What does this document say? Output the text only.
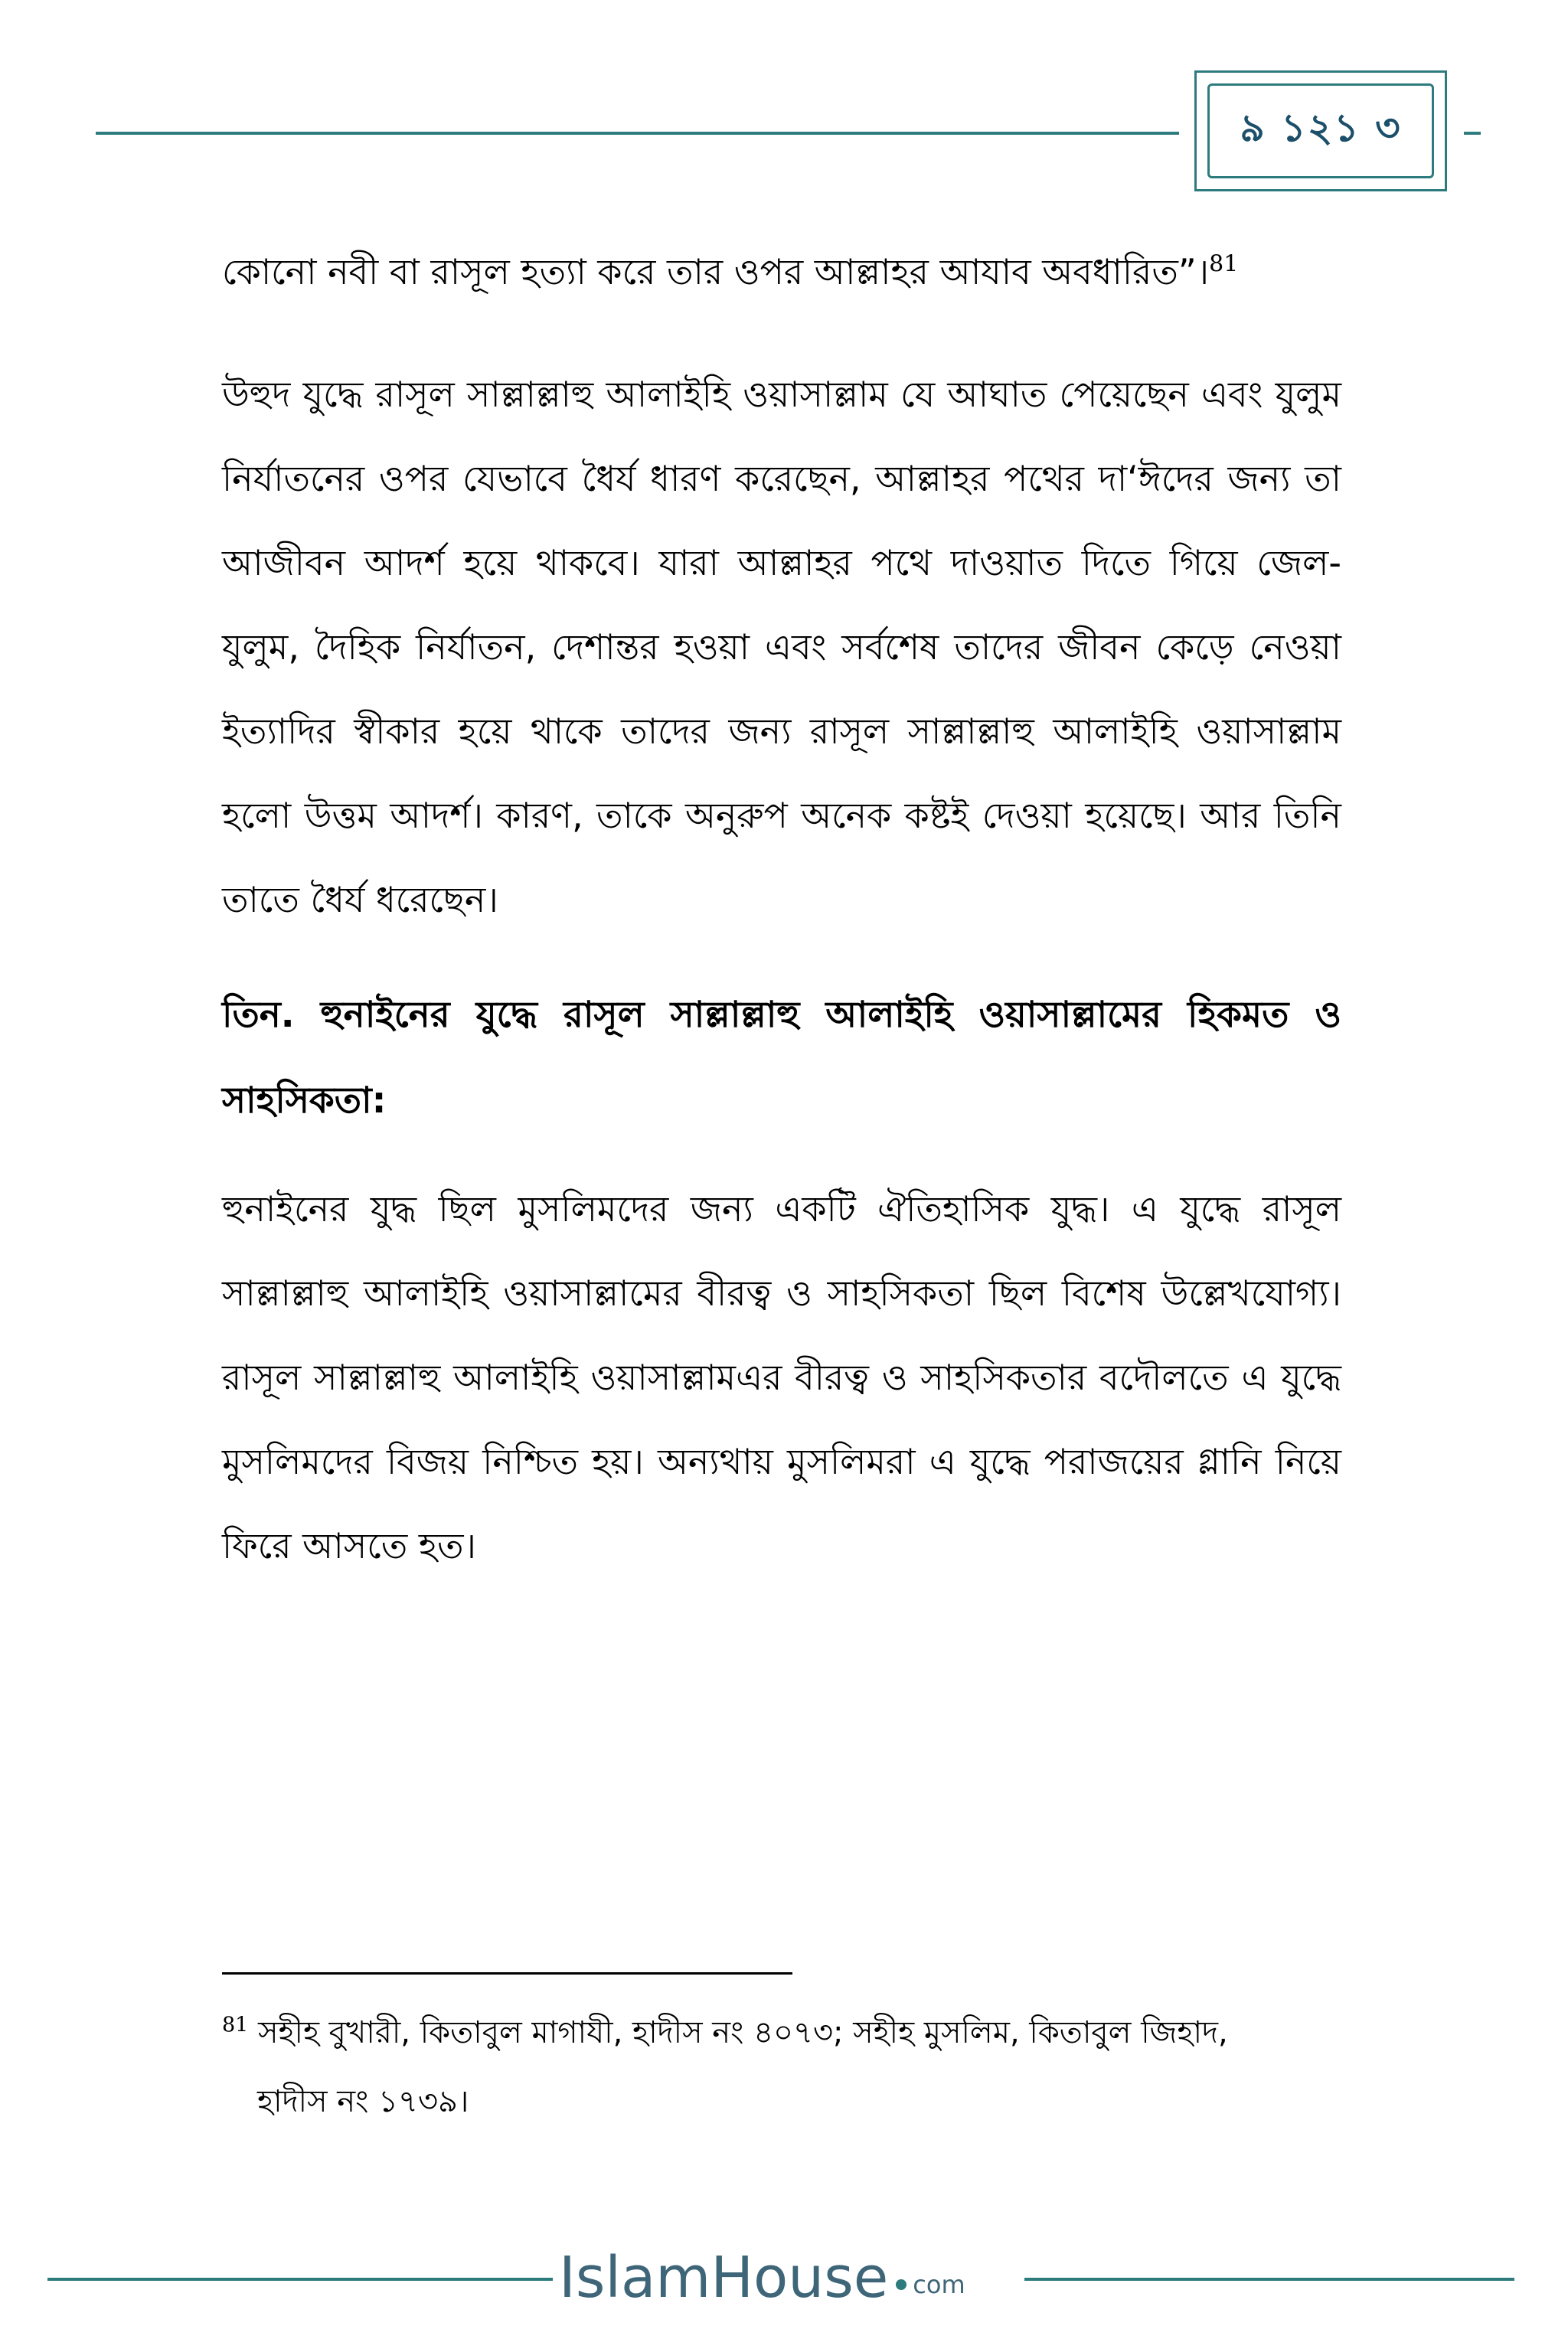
৯ ১২১ ৩

কোনো নবী বা রাসূল হত্যা করে তার ওপর আল্লাহর আযাব অবধারিত”।$^{81}$

উহুদ যুদ্ধে রাসূল সাল্লাল্লাহু আলাইহি ওয়াসাল্লাম যে আঘাত পেয়েছেন এবং যুলুম নির্যাতনের ওপর যেভাবে ধৈর্য ধারণ করেছেন, আল্লাহর পথের দা‘ঈদের জন্য তা আজীবন আদর্শ হয়ে থাকবে। যারা আল্লাহর পথে দাওয়াত দিতে গিয়ে জেল-যুলুম, দৈহিক নির্যাতন, দেশান্তর হওয়া এবং সর্বশেষ তাদের জীবন কেড়ে নেওয়া ইত্যাদির স্বীকার হয়ে থাকে তাদের জন্য রাসূল সাল্লাল্লাহু আলাইহি ওয়াসাল্লাম হলো উত্তম আদর্শ। কারণ, তাকে অনুরুপ অনেক কষ্টই দেওয়া হয়েছে। আর তিনি তাতে ধৈর্য ধরেছেন।

তিন. হুনাইনের যুদ্ধে রাসূল সাল্লাল্লাহু আলাইহি ওয়াসাল্লামের হিকমত ও সাহসিকতা:

হুনাইনের যুদ্ধ ছিল মুসলিমদের জন্য একটি ঐতিহাসিক যুদ্ধ। এ যুদ্ধে রাসূল সাল্লাল্লাহু আলাইহি ওয়াসাল্লামের বীরত্ব ও সাহসিকতা ছিল বিশেষ উল্লেখযোগ্য। রাসূল সাল্লাল্লাহু আলাইহি ওয়াসাল্লামএর বীরত্ব ও সাহসিকতার বদৌলতে এ যুদ্ধে মুসলিমদের বিজয় নিশ্চিত হয়। অন্যথায় মুসলিমরা এ যুদ্ধে পরাজয়ের গ্লানি নিয়ে ফিরে আসতে হত।

$^{81}$ সহীহ বুখারী, কিতাবুল মাগাযী, হাদীস নং ৪০৭৩; সহীহ মুসলিম, কিতাবুল জিহাদ,
হাদীস নং ১৭৩৯।

IslamHouse com
